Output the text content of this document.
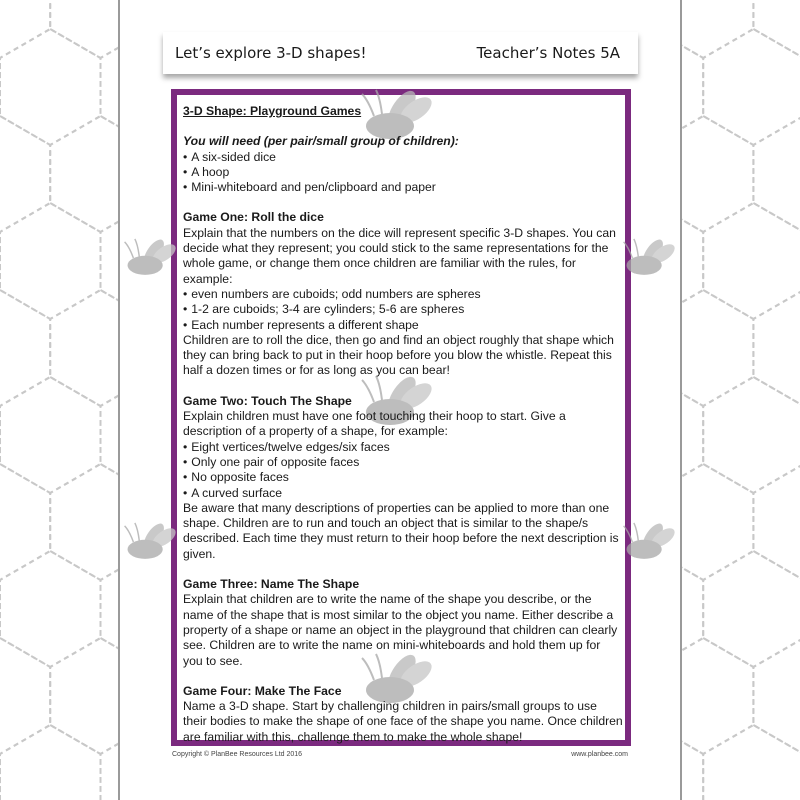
Let’s explore 3-D shapes!	Teacher’s Notes 5A

3-D Shape: Playground Games

You will need (per pair/small group of children):

• A six-sided dice
• A hoop
• Mini-whiteboard and pen/clipboard and paper

Game One: Roll the dice

Explain that the numbers on the dice will represent specific 3-D shapes. You can decide what they represent; you could stick to the same representations for the whole game, or change them once children are familiar with the rules, for example:

• even numbers are cuboids; odd numbers are spheres
• 1-2 are cuboids; 3-4 are cylinders; 5-6 are spheres
• Each number represents a different shape

Children are to roll the dice, then go and find an object roughly that shape which they can bring back to put in their hoop before you blow the whistle. Repeat this half a dozen times or for as long as you can bear!

Game Two: Touch The Shape

Explain children must have one foot touching their hoop to start. Give a description of a property of a shape, for example:

• Eight vertices/twelve edges/six faces
• Only one pair of opposite faces
• No opposite faces
• A curved surface

Be aware that many descriptions of properties can be applied to more than one shape. Children are to run and touch an object that is similar to the shape/s described. Each time they must return to their hoop before the next description is given.

Game Three: Name The Shape

Explain that children are to write the name of the shape you describe, or the name of the shape that is most similar to the object you name. Either describe a property of a shape or name an object in the playground that children can clearly see. Children are to write the name on mini-whiteboards and hold them up for you to see.

Game Four: Make The Face

Name a 3-D shape. Start by challenging children in pairs/small groups to use their bodies to make the shape of one face of the shape you name. Once children are familiar with this, challenge them to make the whole shape!

Copyright © PlanBee Resources Ltd 2016	www.planbee.com
